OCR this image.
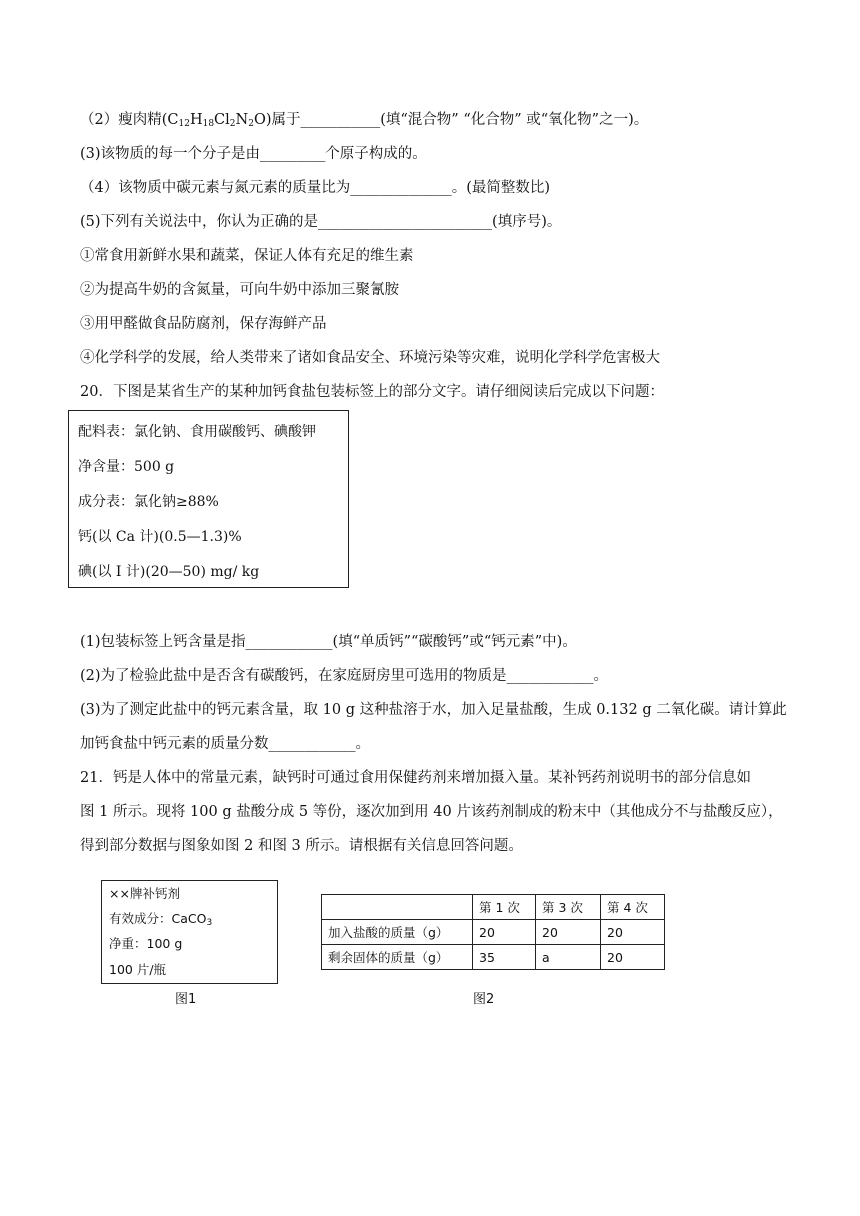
（2）瘦肉精$(C_{12}H_{18}Cl_2N_2O)$属于___________(填“混合物” “化合物” 或“氧化物”之一)。
(3)该物质的每一个分子是由_________个原子构成的。
（4）该物质中碳元素与氮元素的质量比为______________。(最简整数比)
(5)下列有关说法中，你认为正确的是________________________(填序号)。
①常食用新鲜水果和蔬菜，保证人体有充足的维生素
②为提高牛奶的含氮量，可向牛奶中添加三聚氰胺
③用甲醛做食品防腐剂，保存海鲜产品
④化学科学的发展，给人类带来了诸如食品安全、环境污染等灾难，说明化学科学危害极大
20．下图是某省生产的某种加钙食盐包装标签上的部分文字。请仔细阅读后完成以下问题：
配料表：氯化钠、食用碳酸钙、碘酸钾
净含量：500 g
成分表：氯化钠≥88%
钙(以 Ca 计)(0.5—1.3)%
碘(以 I 计)(20—50) mg/ kg
(1)包装标签上钙含量是指____________(填“单质钙”“碳酸钙”或“钙元素”中)。
(2)为了检验此盐中是否含有碳酸钙，在家庭厨房里可选用的物质是____________。
(3)为了测定此盐中的钙元素含量，取 10 g 这种盐溶于水，加入足量盐酸，生成 0.132 g 二氧化碳。请计算此
加钙食盐中钙元素的质量分数____________。
21．钙是人体中的常量元素，缺钙时可通过食用保健药剂来增加摄入量。某补钙药剂说明书的部分信息如
图 1 所示。现将 100 g 盐酸分成 5 等份，逐次加到用 40 片该药剂制成的粉末中（其他成分不与盐酸反应），
得到部分数据与图象如图 2 和图 3 所示。请根据有关信息回答问题。
××牌补钙剂
有效成分：CaCO$_3$
净重：100 g
100 片/瓶
图1
	第 1 次	第 3 次	第 4 次
加入盐酸的质量（g）	20	20	20
剩余固体的质量（g）	35	a	20
图2
